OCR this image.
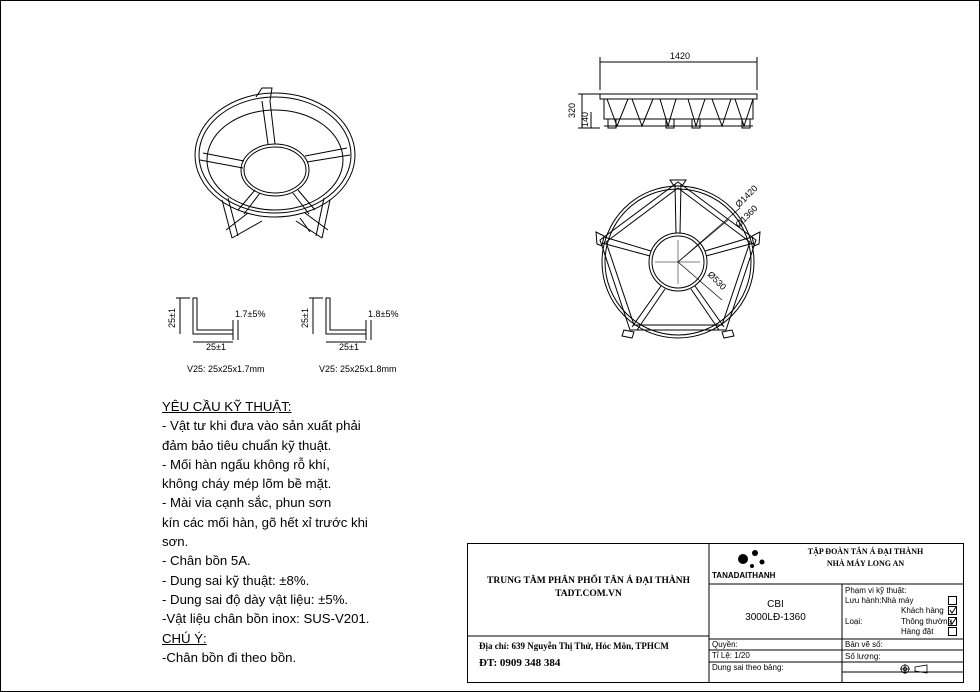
1420
320
140
Ø1420
Ø1360
Ø530
25±1
25±1
1.7±5%
V25: 25x25x1.7mm
25±1
25±1
1.8±5%
V25: 25x25x1.8mm
YÊU CẦU KỸ THUẬT:
- Vật tư khi đưa vào sản xuất phải
đảm bảo tiêu chuẩn kỹ thuật.
- Mối hàn ngấu không rỗ khí,
không cháy mép lõm bề mặt.
- Mài via cạnh sắc, phun sơn
kín các mối hàn, gõ hết xỉ trước khi
sơn.
- Chân bồn 5A.
- Dung sai kỹ thuật: ±8%.
- Dung sai độ dày vật liệu: ±5%.
-Vật liệu chân bồn inox: SUS-V201.
CHÚ Ý:
-Chân bồn đi theo bồn.
TRUNG TÂM PHÂN PHỐI TÂN Á ĐẠI THÀNH
TADT.COM.VN
Địa chỉ: 639 Nguyễn Thị Thử, Hóc Môn, TPHCM
ĐT: 0909 348 384
TANADAITHANH
TẬP ĐOÀN TÂN Á ĐẠI THÀNH
NHÀ MÁY LONG AN
CBI
3000LĐ-1360
Quyền:
Tỉ Lệ: 1/20
Dung sai theo bảng:
Phạm vi kỹ thuật:
Lưu hành:Nhà máy
Khách hàng
Loại:	Thông thường
Hàng đặt
Bản vẽ số:
Số lượng:
